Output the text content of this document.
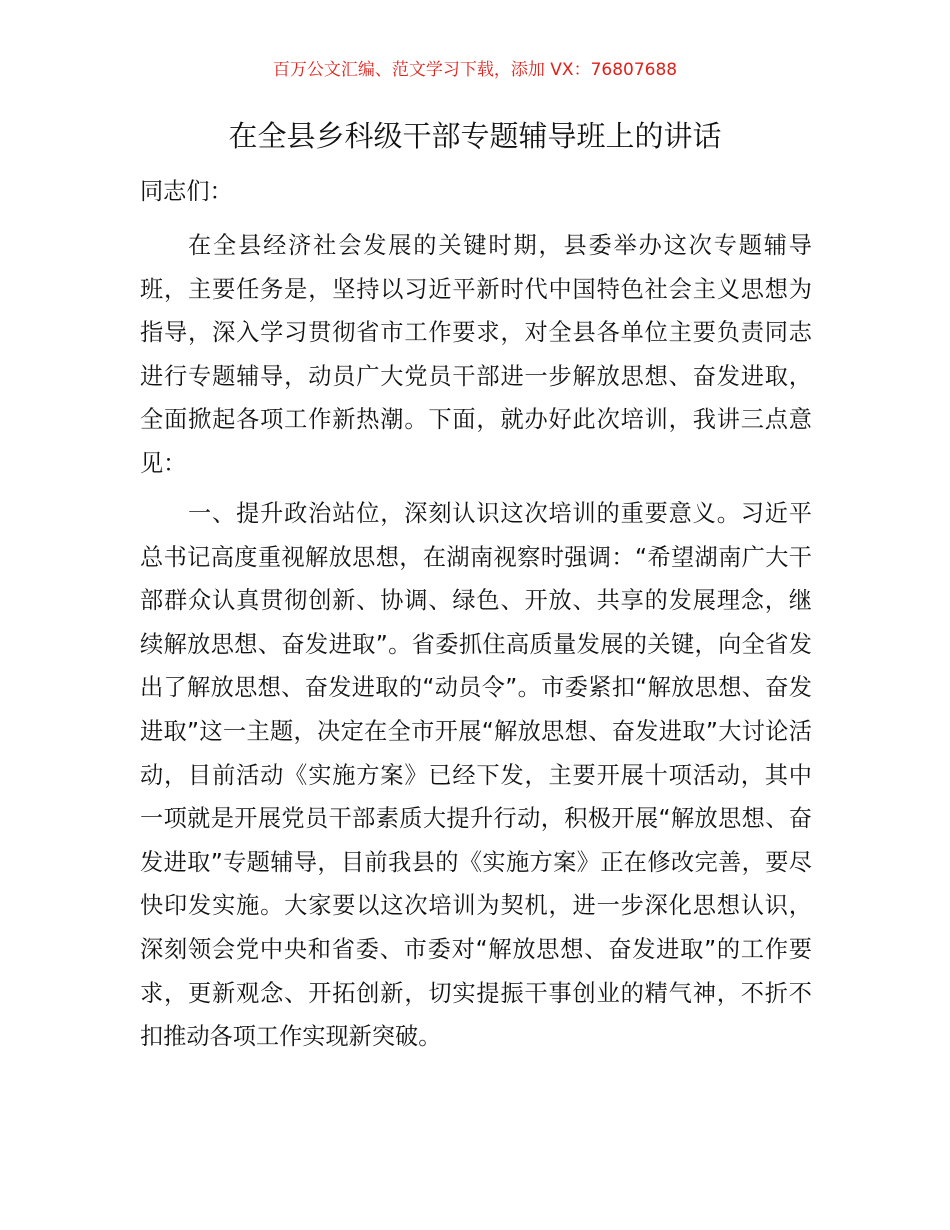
百万公文汇编、范文学习下载，添加 VX：76807688
在全县乡科级干部专题辅导班上的讲话

同志们：

在全县经济社会发展的关键时期，县委举办这次专题辅导班，主要任务是，坚持以习近平新时代中国特色社会主义思想为指导，深入学习贯彻省市工作要求，对全县各单位主要负责同志进行专题辅导，动员广大党员干部进一步解放思想、奋发进取，全面掀起各项工作新热潮。下面，就办好此次培训，我讲三点意见：

一、提升政治站位，深刻认识这次培训的重要意义。习近平总书记高度重视解放思想，在湖南视察时强调：“希望湖南广大干部群众认真贯彻创新、协调、绿色、开放、共享的发展理念，继续解放思想、奋发进取”。省委抓住高质量发展的关键，向全省发出了解放思想、奋发进取的“动员令”。市委紧扣“解放思想、奋发进取”这一主题，决定在全市开展“解放思想、奋发进取”大讨论活动，目前活动《实施方案》已经下发，主要开展十项活动，其中一项就是开展党员干部素质大提升行动，积极开展“解放思想、奋发进取”专题辅导，目前我县的《实施方案》正在修改完善，要尽快印发实施。大家要以这次培训为契机，进一步深化思想认识，深刻领会党中央和省委、市委对“解放思想、奋发进取”的工作要求，更新观念、开拓创新，切实提振干事创业的精气神，不折不扣推动各项工作实现新突破。
